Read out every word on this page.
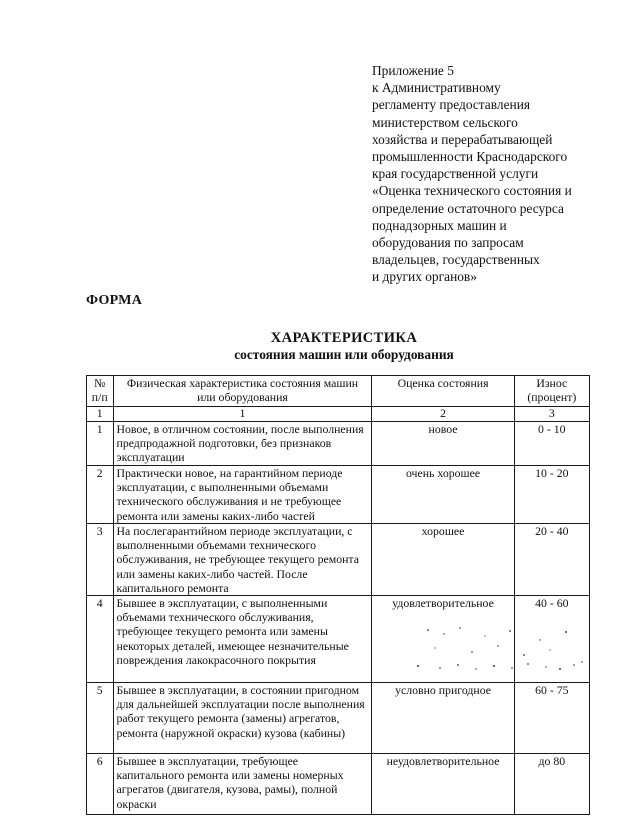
Приложение 5
к Административному
регламенту предоставления
министерством сельского
хозяйства и перерабатывающей
промышленности Краснодарского
края государственной услуги
«Оценка технического состояния и
определение остаточного ресурса
поднадзорных машин и
оборудования по запросам
владельцев, государственных
и других органов»
ФОРМА
ХАРАКТЕРИСТИКА
состояния машин или оборудования
№ п/п	Физическая характеристика состояния машин или оборудования	Оценка состояния	Износ (процент)
1	1	2	3
1	Новое, в отличном состоянии, после выполнения предпродажной подготовки, без признаков эксплуатации	новое	0 - 10
2	Практически новое, на гарантийном периоде эксплуатации, с выполненными объемами технического обслуживания и не требующее ремонта или замены каких-либо частей	очень хорошее	10 - 20
3	На послегарантийном периоде эксплуатации, с выполненными объемами технического обслуживания, не требующее текущего ремонта или замены каких-либо частей. После капитального ремонта	хорошее	20 - 40
4	Бывшее в эксплуатации, с выполненными объемами технического обслуживания, требующее текущего ремонта или замены некоторых деталей, имеющее незначительные повреждения лакокрасочного покрытия	удовлетворительное	40 - 60
5	Бывшее в эксплуатации, в состоянии пригодном для дальнейшей эксплуатации после выполнения работ текущего ремонта (замены) агрегатов, ремонта (наружной окраски) кузова (кабины)	условно пригодное	60 - 75
6	Бывшее в эксплуатации, требующее капитального ремонта или замены номерных агрегатов (двигателя, кузова, рамы), полной окраски	неудовлетворительное	до 80
